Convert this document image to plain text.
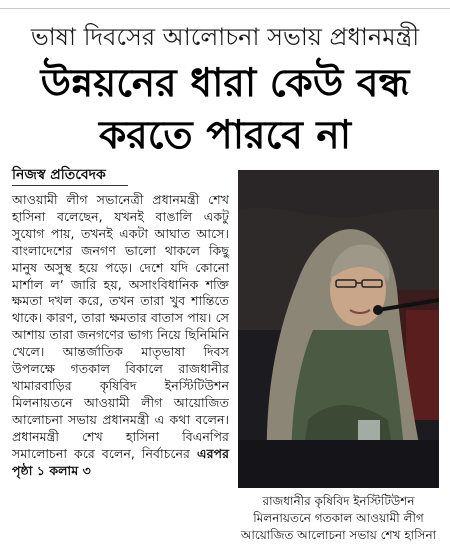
ভাষা দিবসের আলোচনা সভায় প্রধানমন্ত্রী
উন্নয়নের ধারা কেউ বন্ধ
করতে পারবে না
নিজস্ব প্রতিবেদক
আওয়ামী লীগ সভানেত্রী প্রধানমন্ত্রী শেখ হাসিনা বলেছেন, যখনই বাঙালি একটু সুযোগ পায়, তখনই একটা আঘাত আসে। বাংলাদেশের জনগণ ভালো থাকলে কিছু মানুষ অসুস্থ হয়ে পড়ে। দেশে যদি কোনো মার্শাল ল’ জারি হয়, অসাংবিধানিক শক্তি ক্ষমতা দখল করে, তখন তারা খুব শান্তিতে থাকে। কারণ, তারা ক্ষমতার বাতাস পায়। সে আশায় তারা জনগণের ভাগ্য নিয়ে ছিনিমিনি খেলে। আন্তর্জাতিক মাতৃভাষা দিবস উপলক্ষে গতকাল বিকালে রাজধানীর খামারবাড়ির কৃষিবিদ ইনস্টিটিউশন মিলনায়তনে আওয়ামী লীগ আয়োজিত আলোচনা সভায় প্রধানমন্ত্রী এ কথা বলেন। প্রধানমন্ত্রী শেখ হাসিনা বিএনপির সমালোচনা করে বলেন, নির্বাচনের এরপর পৃষ্ঠা ১ কলাম ৩
রাজধানীর কৃষিবিদ ইনস্টিটিউশন
মিলনায়তনে গতকাল আওয়ামী লীগ
আয়োজিত আলোচনা সভায় শেখ হাসিনা
